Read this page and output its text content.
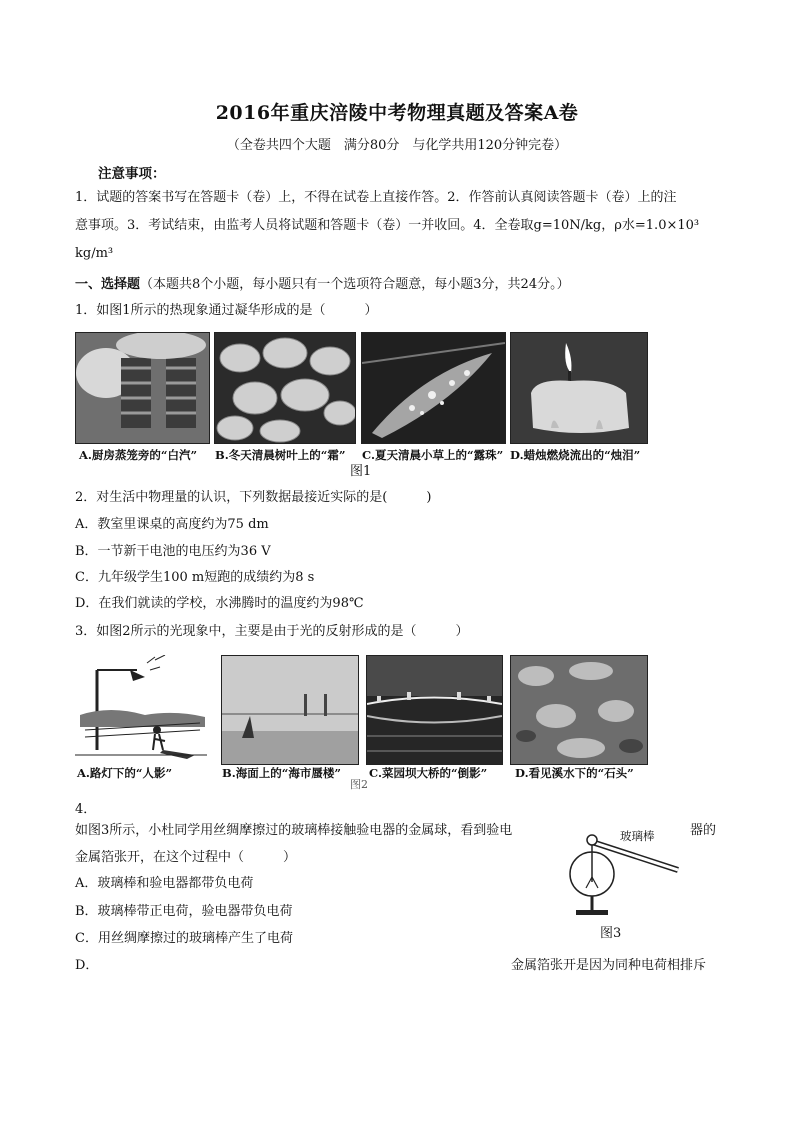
2016年重庆涪陵中考物理真题及答案A卷
（全卷共四个大题　满分80分　与化学共用120分钟完卷）
注意事项：
1．试题的答案书写在答题卡（卷）上，不得在试卷上直接作答。2．作答前认真阅读答题卡（卷）上的注
意事项。3．考试结束，由监考人员将试题和答题卡（卷）一并收回。4．全卷取g=10N/kg，ρ水=1.0×10³
kg/m³
一、选择题（本题共8个小题，每小题只有一个选项符合题意，每小题3分，共24分。）
1．如图1所示的热现象通过凝华形成的是（　　　）
A.厨房蒸笼旁的“白汽” B.冬天清晨树叶上的“霜” C.夏天清晨小草上的“露珠” D.蜡烛燃烧流出的“烛泪”
图1
2．对生活中物理量的认识，下列数据最接近实际的是(　　　)
A．教室里课桌的高度约为75 dm
B．一节新干电池的电压约为36 V
C．九年级学生100 m短跑的成绩约为8 s
D．在我们就读的学校，水沸腾时的温度约为98℃
3．如图2所示的光现象中，主要是由于光的反射形成的是（　　　）
A.路灯下的“人影”	B.海面上的“海市蜃楼” C.菜园坝大桥的“倒影” D.看见溪水下的“石头”
图2
4．
如图3所示，小杜同学用丝绸摩擦过的玻璃棒接触验电器的金属球，看到验电	器的
金属箔张开，在这个过程中（　　　）
A．玻璃棒和验电器都带负电荷
B．玻璃棒带正电荷，验电器带负电荷
C．用丝绸摩擦过的玻璃棒产生了电荷
D．	金属箔张开是因为同种电荷相排斥
玻璃棒
图3
